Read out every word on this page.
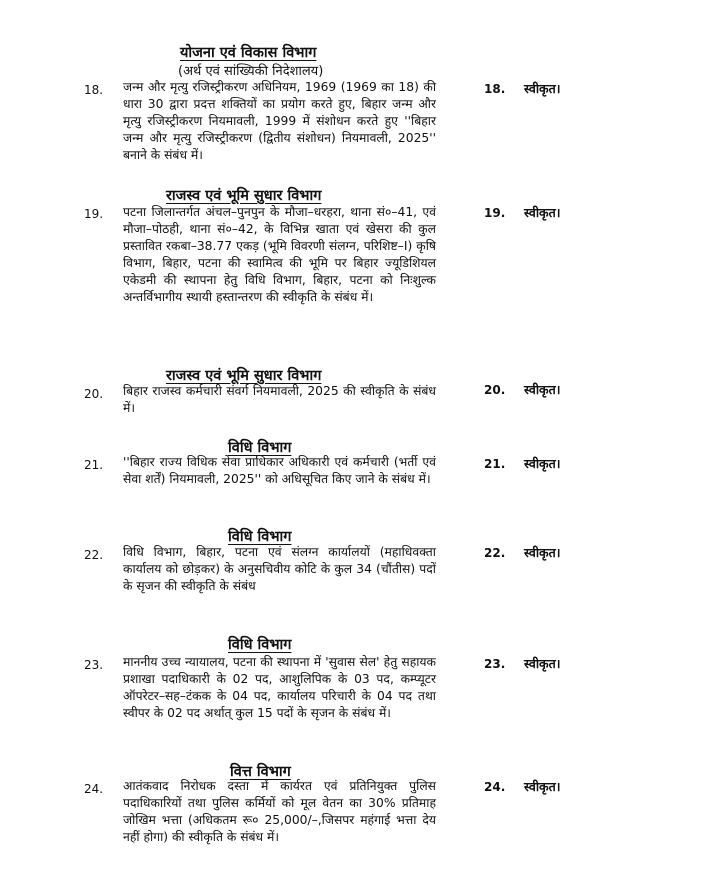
योजना एवं विकास विभाग
(अर्थ एवं सांख्यिकी निदेशालय)
18. जन्म और मृत्यु रजिस्ट्रीकरण अधिनियम, 1969 (1969 का 18) की धारा 30 द्वारा प्रदत्त शक्तियों का प्रयोग करते हुए, बिहार जन्म और मृत्यु रजिस्ट्रीकरण नियमावली, 1999 में संशोधन करते हुए ''बिहार जन्म और मृत्यु रजिस्ट्रीकरण (द्वितीय संशोधन) नियमावली, 2025'' बनाने के संबंध में।
18. स्वीकृत।
राजस्व एवं भूमि सुधार विभाग
19. पटना जिलान्तर्गत अंचल–पुनपुन के मौजा–धरहरा, थाना सं०–41, एवं मौजा–पोठही, थाना सं०–42, के विभिन्न खाता एवं खेसरा की कुल प्रस्तावित रकबा–38.77 एकड़ (भूमि विवरणी संलग्न, परिशिष्ट–I) कृषि विभाग, बिहार, पटना की स्वामित्व की भूमि पर बिहार ज्यूडिशियल एकेडमी की स्थापना हेतु विधि विभाग, बिहार, पटना को निःशुल्क अन्तर्विभागीय स्थायी हस्तान्तरण की स्वीकृति के संबंध में।
19. स्वीकृत।
राजस्व एवं भूमि सुधार विभाग
20. बिहार राजस्व कर्मचारी संवर्ग नियमावली, 2025 की स्वीकृति के संबंध में।
20. स्वीकृत।
विधि विभाग
21. ''बिहार राज्य विधिक सेवा प्राधिकार अधिकारी एवं कर्मचारी (भर्ती एवं सेवा शर्तें) नियमावली, 2025'' को अधिसूचित किए जाने के संबंध में।
21. स्वीकृत।
विधि विभाग
22. विधि विभाग, बिहार, पटना एवं संलग्न कार्यालयों (महाधिवक्ता कार्यालय को छोड़कर) के अनुसचिवीय कोटि के कुल 34 (चौंतीस) पदों के सृजन की स्वीकृति के संबंध
22. स्वीकृत।
विधि विभाग
23. माननीय उच्च न्यायालय, पटना की स्थापना में 'सुवास सेल' हेतु सहायक प्रशाखा पदाधिकारी के 02 पद, आशुलिपिक के 03 पद, कम्प्यूटर ऑपरेटर–सह–टंकक के 04 पद, कार्यालय परिचारी के 04 पद तथा स्वीपर के 02 पद अर्थात् कुल 15 पदों के सृजन के संबंध में।
23. स्वीकृत।
वित्त विभाग
24. आतंकवाद निरोधक दस्ता में कार्यरत एवं प्रतिनियुक्त पुलिस पदाधिकारियों तथा पुलिस कर्मियों को मूल वेतन का 30% प्रतिमाह जोखिम भत्ता (अधिकतम रू० 25,000/–,जिसपर महंगाई भत्ता देय नहीं होगा) की स्वीकृति के संबंध में।
24. स्वीकृत।
